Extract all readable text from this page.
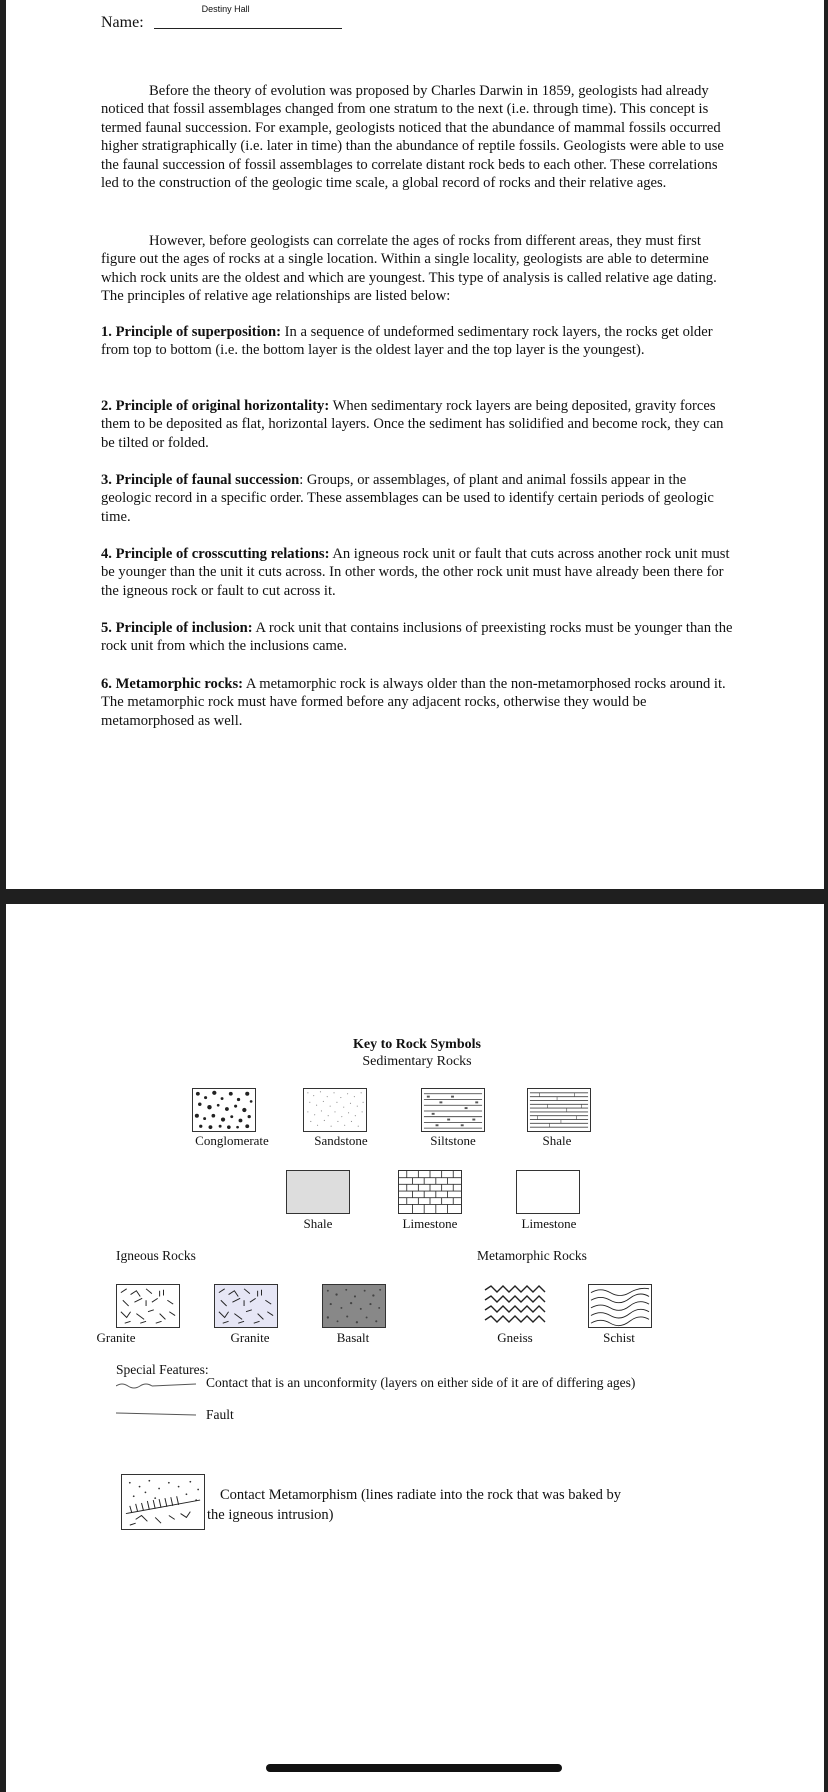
Name:
Destiny Hall

Before the theory of evolution was proposed by Charles Darwin in 1859, geologists had already noticed that fossil assemblages changed from one stratum to the next (i.e. through time). This concept is termed faunal succession. For example, geologists noticed that the abundance of mammal fossils occurred higher stratigraphically (i.e. later in time) than the abundance of reptile fossils. Geologists were able to use the faunal succession of fossil assemblages to correlate distant rock beds to each other. These correlations led to the construction of the geologic time scale, a global record of rocks and their relative ages.

However, before geologists can correlate the ages of rocks from different areas, they must first figure out the ages of rocks at a single location. Within a single locality, geologists are able to determine which rock units are the oldest and which are youngest. This type of analysis is called relative age dating. The principles of relative age relationships are listed below:

1. Principle of superposition: In a sequence of undeformed sedimentary rock layers, the rocks get older from top to bottom (i.e. the bottom layer is the oldest layer and the top layer is the youngest).

2. Principle of original horizontality: When sedimentary rock layers are being deposited, gravity forces them to be deposited as flat, horizontal layers. Once the sediment has solidified and become rock, they can be tilted or folded.

3. Principle of faunal succession: Groups, or assemblages, of plant and animal fossils appear in the geologic record in a specific order. These assemblages can be used to identify certain periods of geologic time.

4. Principle of crosscutting relations: An igneous rock unit or fault that cuts across another rock unit must be younger than the unit it cuts across. In other words, the other rock unit must have already been there for the igneous rock or fault to cut across it.

5. Principle of inclusion: A rock unit that contains inclusions of preexisting rocks must be younger than the rock unit from which the inclusions came.

6. Metamorphic rocks: A metamorphic rock is always older than the non-metamorphosed rocks around it. The metamorphic rock must have formed before any adjacent rocks, otherwise they would be metamorphosed as well.

Key to Rock Symbols
Sedimentary Rocks
Conglomerate	Sandstone	Siltstone	Shale
Shale	Limestone	Limestone
Igneous Rocks	Metamorphic Rocks
Granite	Granite	Basalt	Gneiss	Schist
Special Features:
Contact that is an unconformity (layers on either side of it are of differing ages)
Fault
Contact Metamorphism (lines radiate into the rock that was baked by
the igneous intrusion)
